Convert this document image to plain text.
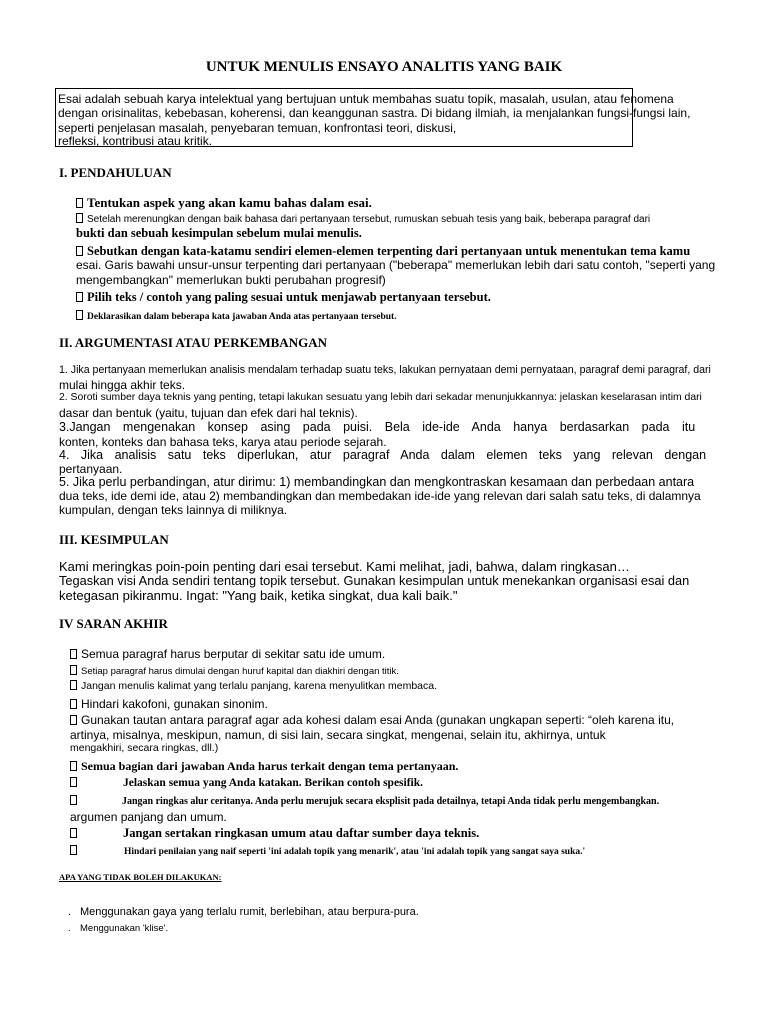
UNTUK MENULIS ENSAYO ANALITIS YANG BAIK
Esai adalah sebuah karya intelektual yang bertujuan untuk membahas suatu topik, masalah, usulan, atau fenomena
dengan orisinalitas, kebebasan, koherensi, dan keanggunan sastra. Di bidang ilmiah, ia menjalankan fungsi-fungsi lain,
seperti penjelasan masalah, penyebaran temuan, konfrontasi teori, diskusi,
refleksi, kontribusi atau kritik.
I. PENDAHULUAN
Tentukan aspek yang akan kamu bahas dalam esai.
Setelah merenungkan dengan baik bahasa dari pertanyaan tersebut, rumuskan sebuah tesis yang baik, beberapa paragraf dari
bukti dan sebuah kesimpulan sebelum mulai menulis.
Sebutkan dengan kata-katamu sendiri elemen-elemen terpenting dari pertanyaan untuk menentukan tema kamu
esai. Garis bawahi unsur-unsur terpenting dari pertanyaan ("beberapa" memerlukan lebih dari satu contoh, "seperti yang
mengembangkan" memerlukan bukti perubahan progresif)
Pilih teks / contoh yang paling sesuai untuk menjawab pertanyaan tersebut.
Deklarasikan dalam beberapa kata jawaban Anda atas pertanyaan tersebut.
II. ARGUMENTASI ATAU PERKEMBANGAN
1. Jika pertanyaan memerlukan analisis mendalam terhadap suatu teks, lakukan pernyataan demi pernyataan, paragraf demi paragraf, dari
mulai hingga akhir teks.
2. Soroti sumber daya teknis yang penting, tetapi lakukan sesuatu yang lebih dari sekadar menunjukkannya: jelaskan keselarasan intim dari
dasar dan bentuk (yaitu, tujuan dan efek dari hal teknis).
3.Jangan mengenakan konsep asing pada puisi. Bela ide-ide Anda hanya berdasarkan pada itu
konten, konteks dan bahasa teks, karya atau periode sejarah.
4. Jika analisis satu teks diperlukan, atur paragraf Anda dalam elemen teks yang relevan dengan
pertanyaan.
5. Jika perlu perbandingan, atur dirimu: 1) membandingkan dan mengkontraskan kesamaan dan perbedaan antara
dua teks, ide demi ide, atau 2) membandingkan dan membedakan ide-ide yang relevan dari salah satu teks, di dalamnya
kumpulan, dengan teks lainnya di miliknya.
III. KESIMPULAN
Kami meringkas poin-poin penting dari esai tersebut. Kami melihat, jadi, bahwa, dalam ringkasan…
Tegaskan visi Anda sendiri tentang topik tersebut. Gunakan kesimpulan untuk menekankan organisasi esai dan
ketegasan pikiranmu. Ingat: "Yang baik, ketika singkat, dua kali baik."
IV SARAN AKHIR
Semua paragraf harus berputar di sekitar satu ide umum.
Setiap paragraf harus dimulai dengan huruf kapital dan diakhiri dengan titik.
Jangan menulis kalimat yang terlalu panjang, karena menyulitkan membaca.
Hindari kakofoni, gunakan sinonim.
Gunakan tautan antara paragraf agar ada kohesi dalam esai Anda (gunakan ungkapan seperti: “oleh karena itu,
artinya, misalnya, meskipun, namun, di sisi lain, secara singkat, mengenai, selain itu, akhirnya, untuk
mengakhiri, secara ringkas, dll.)
Semua bagian dari jawaban Anda harus terkait dengan tema pertanyaan.
Jelaskan semua yang Anda katakan. Berikan contoh spesifik.
Jangan ringkas alur ceritanya. Anda perlu merujuk secara eksplisit pada detailnya, tetapi Anda tidak perlu mengembangkan.
argumen panjang dan umum.
Jangan sertakan ringkasan umum atau daftar sumber daya teknis.
Hindari penilaian yang naif seperti 'ini adalah topik yang menarik', atau 'ini adalah topik yang sangat saya suka.'
APA YANG TIDAK BOLEH DILAKUKAN:
. Menggunakan gaya yang terlalu rumit, berlebihan, atau berpura-pura.
. Menggunakan 'klise'.
